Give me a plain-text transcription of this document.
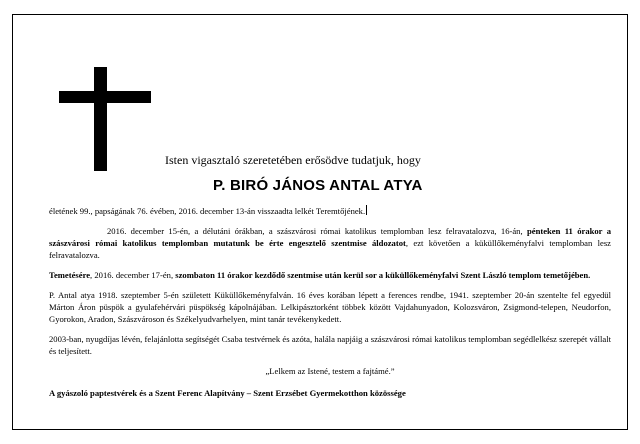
Isten vigasztaló szeretetében erősödve tudatjuk, hogy
P. BIRÓ JÁNOS ANTAL ATYA

életének 99., papságának 76. évében, 2016. december 13-án visszaadta lelkét Teremtőjének.

2016. december 15-én, a délutáni órákban, a szászvárosi római katolikus templomban lesz felravatalozva, 16-án, pénteken 11 órakor a szászvárosi római katolikus templomban mutatunk be érte engesztelő szentmise áldozatot, ezt követően a küküllőkeményfalvi templomban lesz felravatalozva.

Temetésére, 2016. december 17-én, szombaton 11 órakor kezdődő szentmise után kerül sor a küküllőkeményfalvi Szent László templom temetőjében.

P. Antal atya 1918. szeptember 5-én született Küküllőkeményfalván. 16 éves korában lépett a ferences rendbe, 1941. szeptember 20-án szentelte fel egyedül Márton Áron püspök a gyulafehérvári püspökség kápolnájában. Lelkipásztorként többek között Vajdahunyadon, Kolozsváron, Zsigmond-telepen, Neudorfon, Gyorokon, Aradon, Szászvároson és Székelyudvarhelyen, mint tanár tevékenykedett.

2003-ban, nyugdíjas lévén, felajánlotta segítségét Csaba testvérnek és azóta, halála napjáig a szászvárosi római katolikus templomban segédlelkész szerepét vállalt és teljesített.

„Lelkem az Istené, testem a fajtámé.”

A gyászoló paptestvérek és a Szent Ferenc Alapítvány – Szent Erzsébet Gyermekotthon közössége
